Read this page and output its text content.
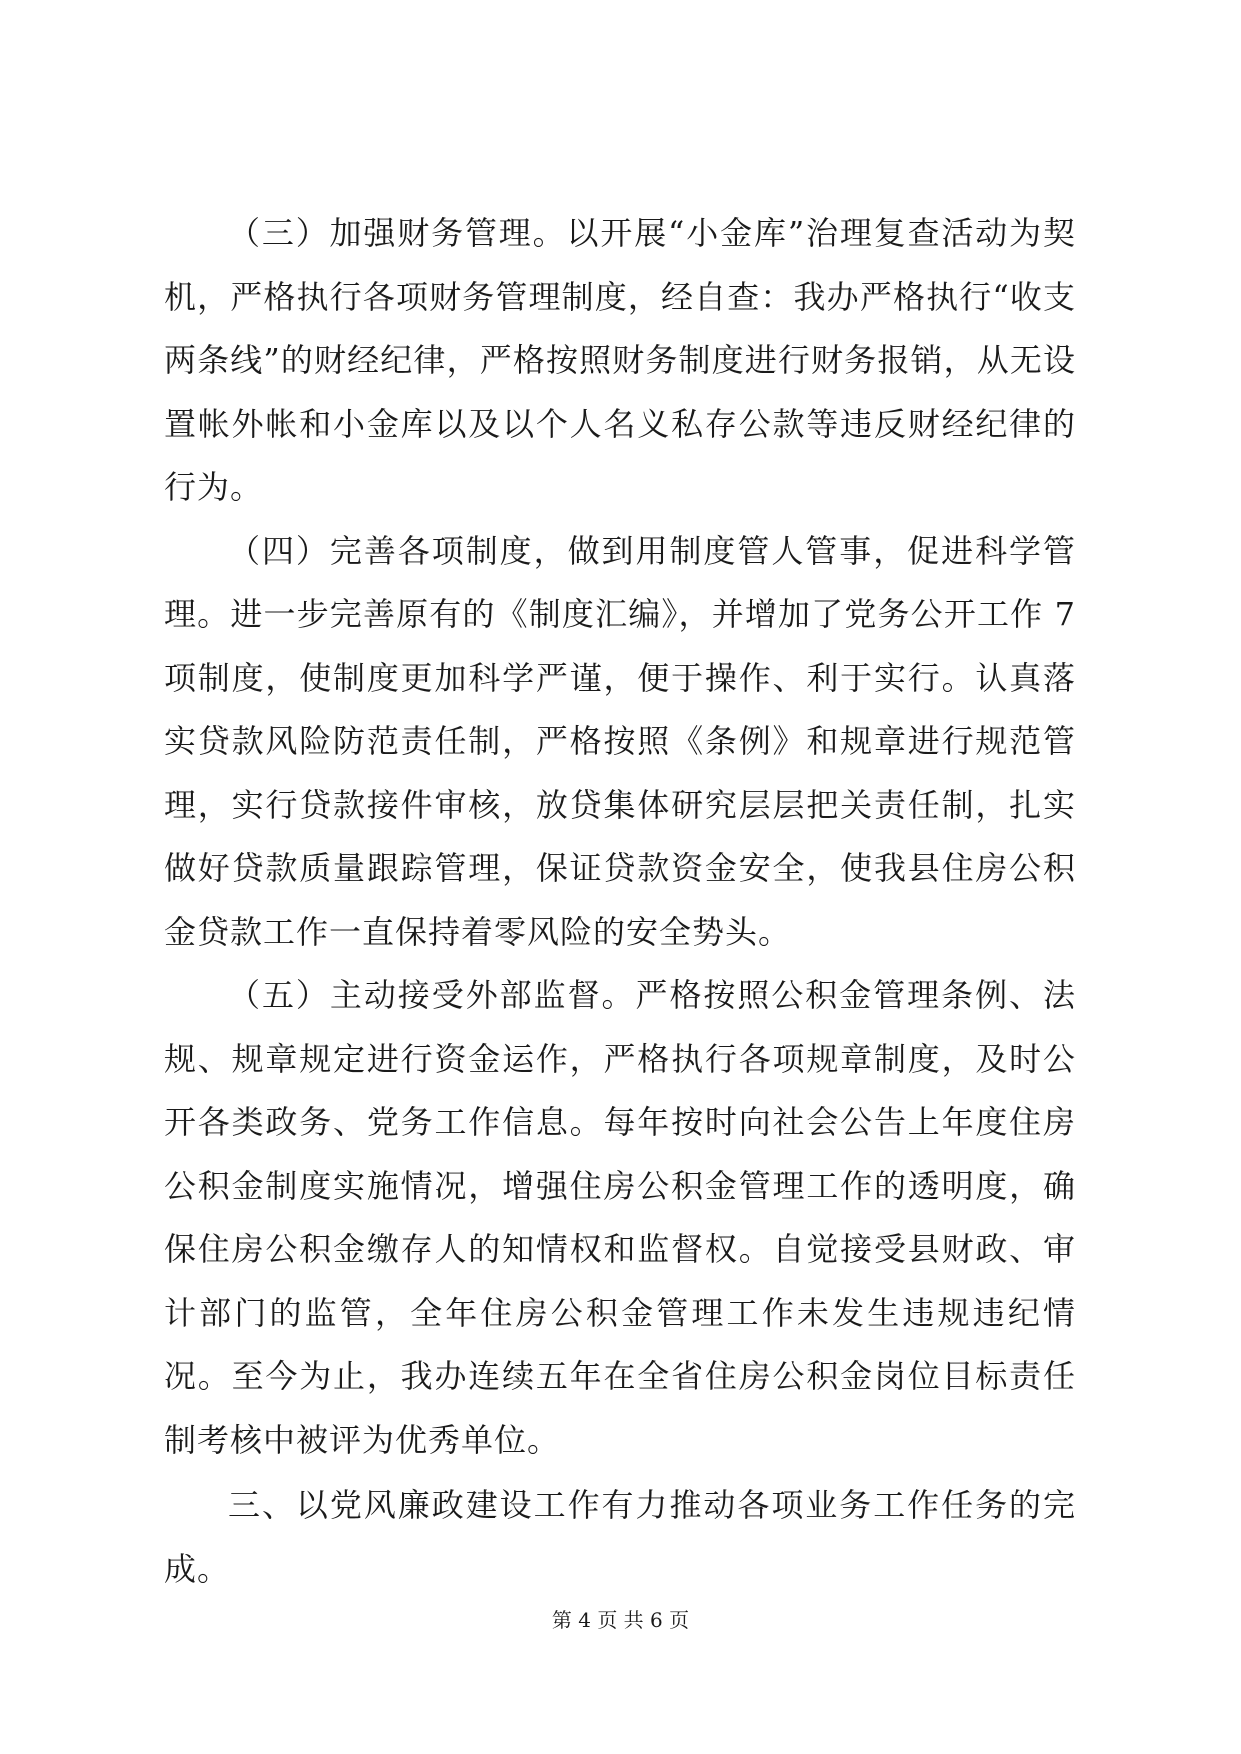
（三）加强财务管理。以开展“小金库”治理复查活动为契机，严格执行各项财务管理制度，经自查：我办严格执行“收支两条线”的财经纪律，严格按照财务制度进行财务报销，从无设置帐外帐和小金库以及以个人名义私存公款等违反财经纪律的行为。

（四）完善各项制度，做到用制度管人管事，促进科学管理。进一步完善原有的《制度汇编》，并增加了党务公开工作 7 项制度，使制度更加科学严谨，便于操作、利于实行。认真落实贷款风险防范责任制，严格按照《条例》和规章进行规范管理，实行贷款接件审核，放贷集体研究层层把关责任制，扎实做好贷款质量跟踪管理，保证贷款资金安全，使我县住房公积金贷款工作一直保持着零风险的安全势头。

（五）主动接受外部监督。严格按照公积金管理条例、法规、规章规定进行资金运作，严格执行各项规章制度，及时公开各类政务、党务工作信息。每年按时向社会公告上年度住房公积金制度实施情况，增强住房公积金管理工作的透明度，确保住房公积金缴存人的知情权和监督权。自觉接受县财政、审计部门的监管，全年住房公积金管理工作未发生违规违纪情况。至今为止，我办连续五年在全省住房公积金岗位目标责任制考核中被评为优秀单位。

三、以党风廉政建设工作有力推动各项业务工作任务的完成。

第 4 页 共 6 页
